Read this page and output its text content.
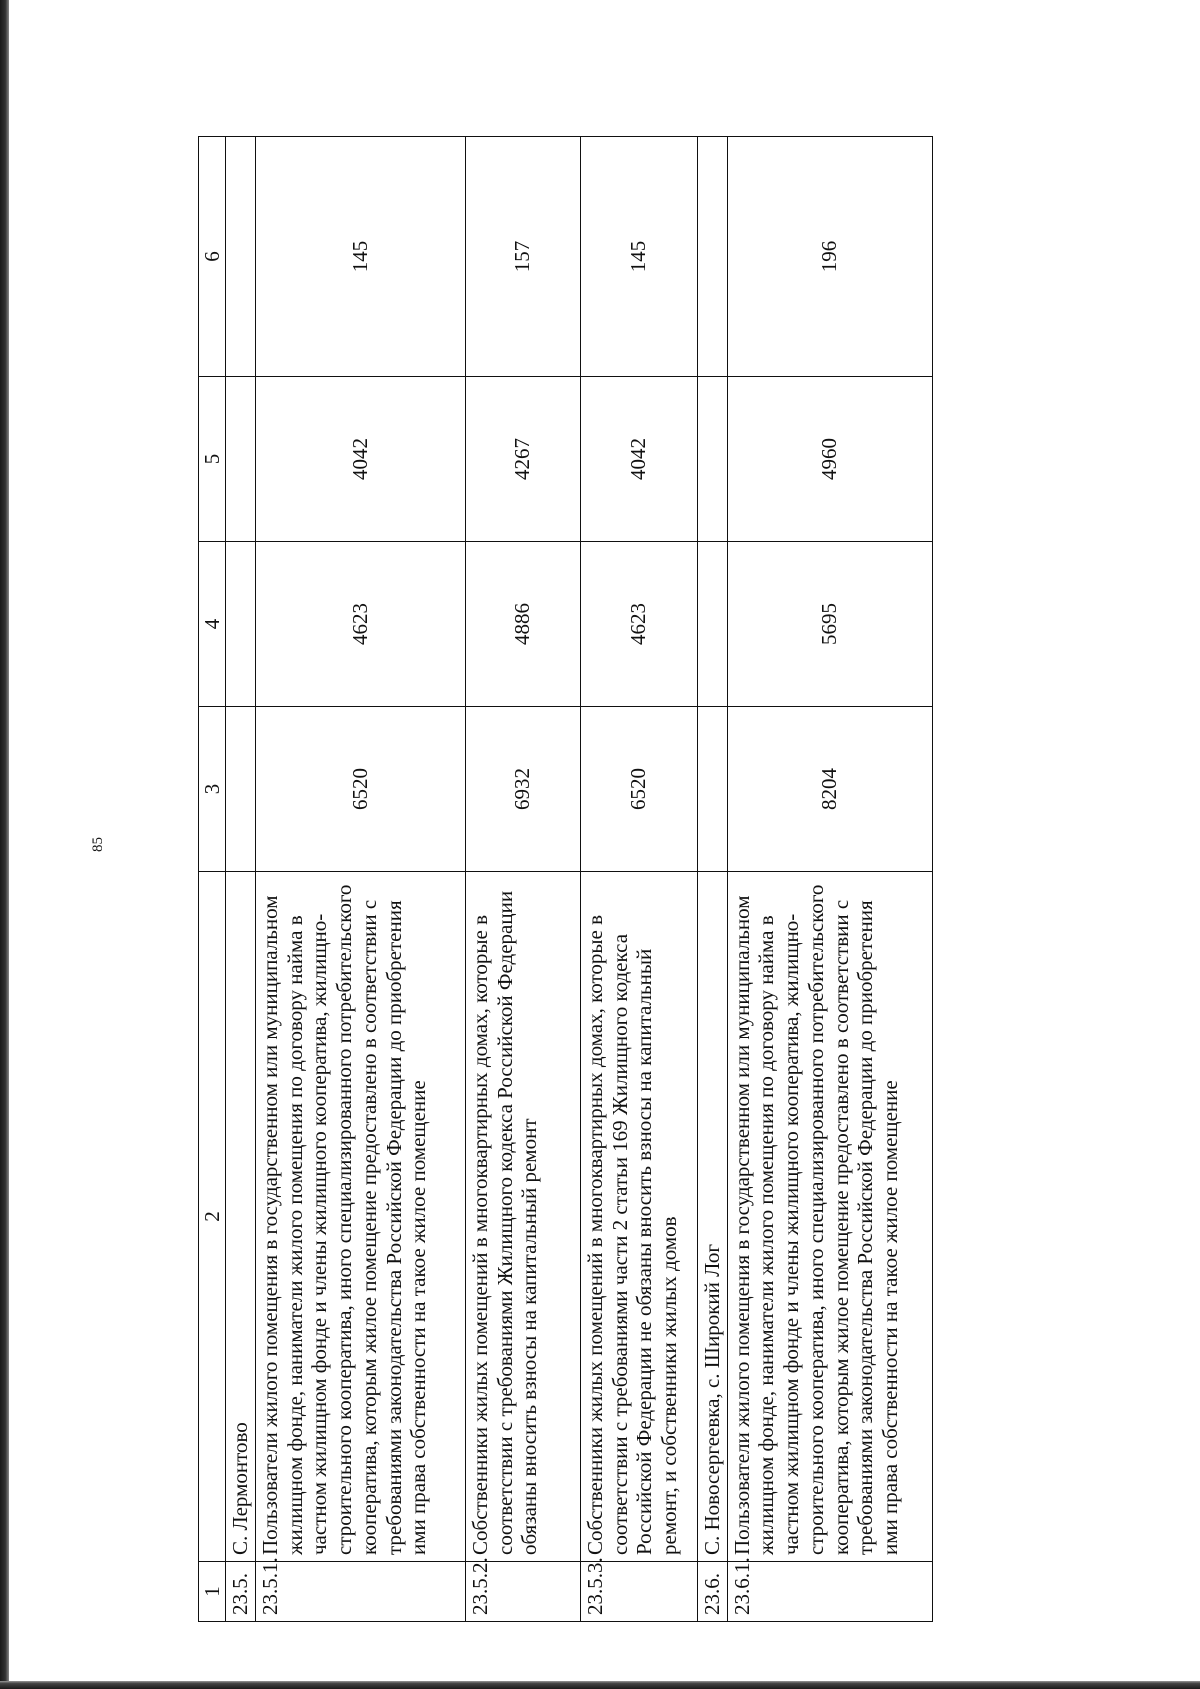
85
1	2	3	4	5	6
23.5.	С. Лермонтово				
23.5.1.	Пользователи жилого помещения в государственном или муниципальном жилищном фонде, наниматели жилого помещения по договору найма в частном жилищном фонде и члены жилищного кооператива, жилищно-строительного кооператива, иного специализированного потребительского кооператива, которым жилое помещение предоставлено в соответствии с требованиями законодательства Российской Федерации до приобретения ими права собственности на такое жилое помещение	6520	4623	4042	145
23.5.2.	Собственники жилых помещений в многоквартирных домах, которые в соответствии с требованиями Жилищного кодекса Российской Федерации обязаны вносить взносы на капитальный ремонт	6932	4886	4267	157
23.5.3.	Собственники жилых помещений в многоквартирных домах, которые в соответствии с требованиями части 2 статьи 169 Жилищного кодекса Российской Федерации не обязаны вносить взносы на капитальный ремонт, и собственники жилых домов	6520	4623	4042	145
23.6.	С. Новосергеевка, с. Широкий Лог				
23.6.1.	Пользователи жилого помещения в государственном или муниципальном жилищном фонде, наниматели жилого помещения по договору найма в частном жилищном фонде и члены жилищного кооператива, жилищно-строительного кооператива, иного специализированного потребительского кооператива, которым жилое помещение предоставлено в соответствии с требованиями законодательства Российской Федерации до приобретения ими права собственности на такое жилое помещение	8204	5695	4960	196
